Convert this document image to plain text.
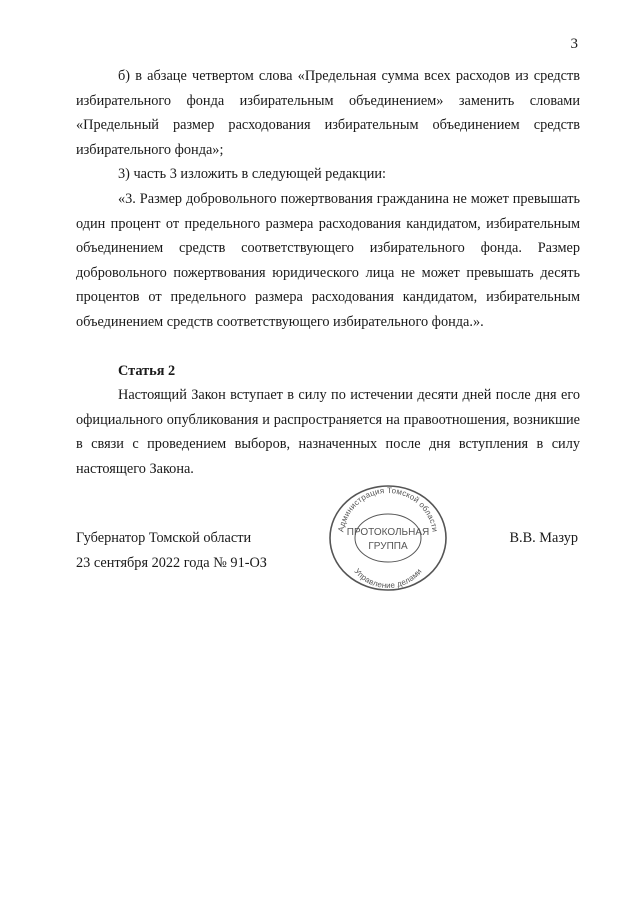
3

б) в абзаце четвертом слова «Предельная сумма всех расходов из средств избирательного фонда избирательным объединением» заменить словами «Предельный размер расходования избирательным объединением средств избирательного фонда»;

3) часть 3 изложить в следующей редакции:

«3. Размер добровольного пожертвования гражданина не может превышать один процент от предельного размера расходования кандидатом, избирательным объединением средств соответствующего избирательного фонда. Размер добровольного пожертвования юридического лица не может превышать десять процентов от предельного размера расходования кандидатом, избирательным объединением средств соответствующего избирательного фонда.».

Статья 2

Настоящий Закон вступает в силу по истечении десяти дней после дня его официального опубликования и распространяется на правоотношения, возникшие в связи с проведением выборов, назначенных после дня вступления в силу настоящего Закона.

Губернатор Томской области
23 сентября 2022 года № 91-ОЗ
В.В. Мазур
Администрация Томской области
Управление делами
ПРОТОКОЛЬНАЯ
ГРУППА
